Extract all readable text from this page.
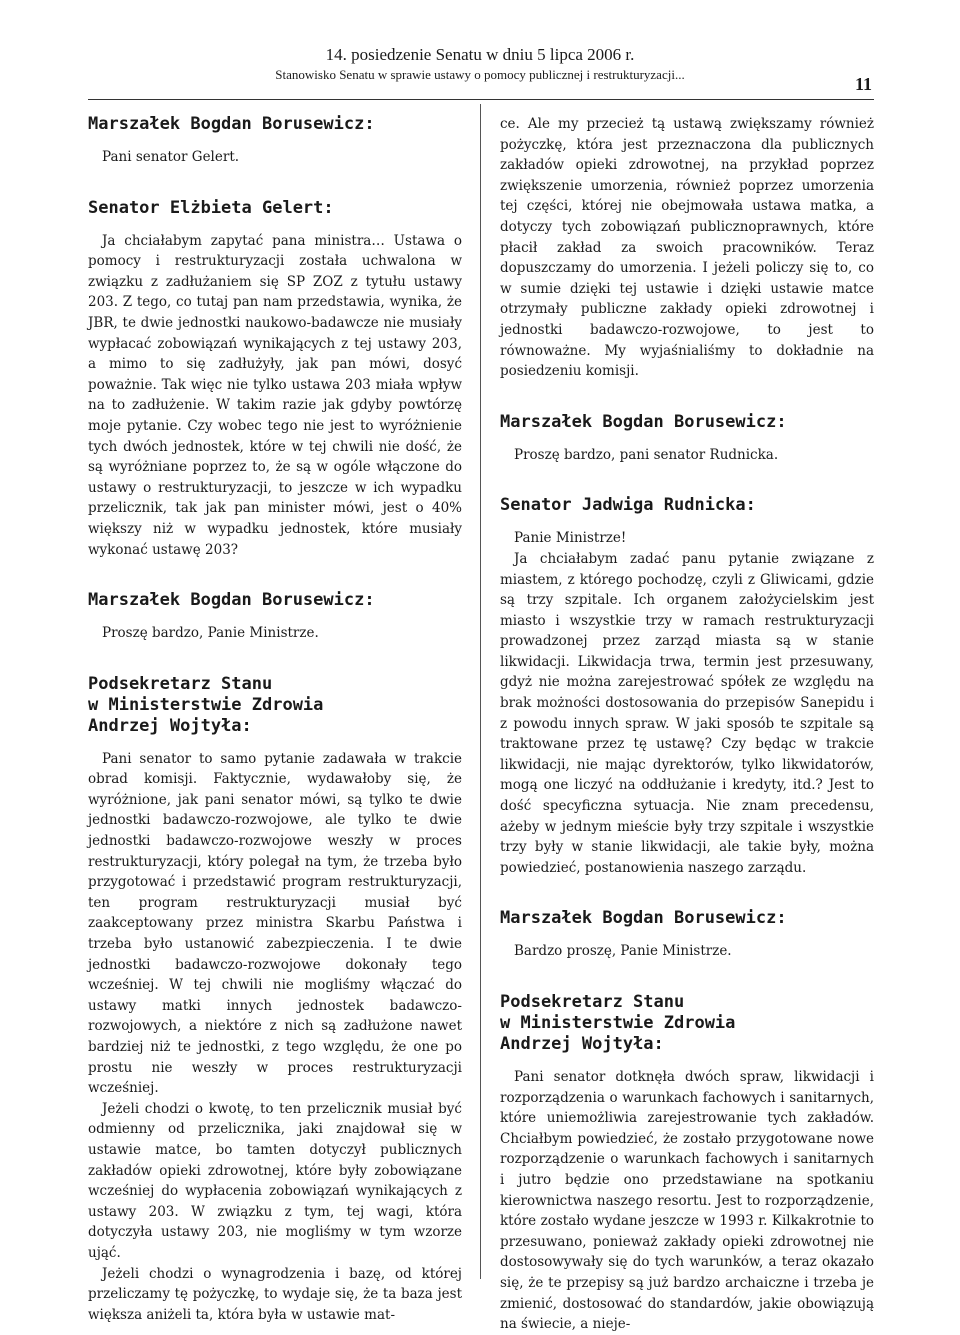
14. posiedzenie Senatu w dniu 5 lipca 2006 r.
Stanowisko Senatu w sprawie ustawy o pomocy publicznej i restrukturyzacji...	11

Marszałek Bogdan Borusewicz:

Pani senator Gelert.

Senator Elżbieta Gelert:

Ja chciałabym zapytać pana ministra… Ustawa o pomocy i restrukturyzacji została uchwalona w związku z zadłużaniem się SP ZOZ z tytułu ustawy 203. Z tego, co tutaj pan nam przedstawia, wynika, że JBR, te dwie jednostki naukowo-badawcze nie musiały wypłacać zobowiązań wynikających z tej ustawy 203, a mimo to się zadłużyły, jak pan mówi, dosyć poważnie. Tak więc nie tylko ustawa 203 miała wpływ na to zadłużenie. W takim razie jak gdyby powtórzę moje pytanie. Czy wobec tego nie jest to wyróżnienie tych dwóch jednostek, które w tej chwili nie dość, że są wyróżniane poprzez to, że są w ogóle włączone do ustawy o restrukturyzacji, to jeszcze w ich wypadku przelicznik, tak jak pan minister mówi, jest o 40% większy niż w wypadku jednostek, które musiały wykonać ustawę 203?

Marszałek Bogdan Borusewicz:

Proszę bardzo, Panie Ministrze.

Podsekretarz Stanu
w Ministerstwie Zdrowia
Andrzej Wojtyła:

Pani senator to samo pytanie zadawała w trakcie obrad komisji. Faktycznie, wydawałoby się, że wyróżnione, jak pani senator mówi, są tylko te dwie jednostki badawczo-rozwojowe, ale tylko te dwie jednostki badawczo-rozwojowe weszły w proces restrukturyzacji, który polegał na tym, że trzeba było przygotować i przedstawić program restrukturyzacji, ten program restrukturyzacji musiał być zaakceptowany przez ministra Skarbu Państwa i trzeba było ustanowić zabezpieczenia. I te dwie jednostki badawczo-rozwojowe dokonały tego wcześniej. W tej chwili nie mogliśmy włączać do ustawy matki innych jednostek badawczo-rozwojowych, a niektóre z nich są zadłużone nawet bardziej niż te jednostki, z tego względu, że one po prostu nie weszły w proces restrukturyzacji wcześniej.

Jeżeli chodzi o kwotę, to ten przelicznik musiał być odmienny od przelicznika, jaki znajdował się w ustawie matce, bo tamten dotyczył publicznych zakładów opieki zdrowotnej, które były zobowiązane wcześniej do wypłacenia zobowiązań wynikających z ustawy 203. W związku z tym, tej wagi, która dotyczyła ustawy 203, nie mogliśmy w tym wzorze ująć.

Jeżeli chodzi o wynagrodzenia i bazę, od której przeliczamy tę pożyczkę, to wydaje się, że ta baza jest większa aniżeli ta, która była w ustawie mat-

ce. Ale my przecież tą ustawą zwiększamy również pożyczkę, która jest przeznaczona dla publicznych zakładów opieki zdrowotnej, na przykład poprzez zwiększenie umorzenia, również poprzez umorzenia tej części, której nie obejmowała ustawa matka, a dotyczy tych zobowiązań publicznoprawnych, które płacił zakład za swoich pracowników. Teraz dopuszczamy do umorzenia. I jeżeli policzy się to, co w sumie dzięki tej ustawie i dzięki ustawie matce otrzymały publiczne zakłady opieki zdrowotnej i jednostki badawczo-rozwojowe, to jest to równoważne. My wyjaśnialiśmy to dokładnie na posiedzeniu komisji.

Marszałek Bogdan Borusewicz:

Proszę bardzo, pani senator Rudnicka.

Senator Jadwiga Rudnicka:

Panie Ministrze!

Ja chciałabym zadać panu pytanie związane z miastem, z którego pochodzę, czyli z Gliwicami, gdzie są trzy szpitale. Ich organem założycielskim jest miasto i wszystkie trzy w ramach restrukturyzacji prowadzonej przez zarząd miasta są w stanie likwidacji. Likwidacja trwa, termin jest przesuwany, gdyż nie można zarejestrować spółek ze względu na brak możności dostosowania do przepisów Sanepidu i z powodu innych spraw. W jaki sposób te szpitale są traktowane przez tę ustawę? Czy będąc w trakcie likwidacji, nie mając dyrektorów, tylko likwidatorów, mogą one liczyć na oddłużanie i kredyty, itd.? Jest to dość specyficzna sytuacja. Nie znam precedensu, ażeby w jednym mieście były trzy szpitale i wszystkie trzy były w stanie likwidacji, ale takie były, można powiedzieć, postanowienia naszego zarządu.

Marszałek Bogdan Borusewicz:

Bardzo proszę, Panie Ministrze.

Podsekretarz Stanu
w Ministerstwie Zdrowia
Andrzej Wojtyła:

Pani senator dotknęła dwóch spraw, likwidacji i rozporządzenia o warunkach fachowych i sanitarnych, które uniemożliwia zarejestrowanie tych zakładów. Chciałbym powiedzieć, że zostało przygotowane nowe rozporządzenie o warunkach fachowych i sanitarnych i jutro będzie ono przedstawiane na spotkaniu kierownictwa naszego resortu. Jest to rozporządzenie, które zostało wydane jeszcze w 1993 r. Kilkakrotnie to przesuwano, ponieważ zakłady opieki zdrowotnej nie dostosowywały się do tych warunków, a teraz okazało się, że te przepisy są już bardzo archaiczne i trzeba je zmienić, dostosować do standardów, jakie obowiązują na świecie, a nieje-
